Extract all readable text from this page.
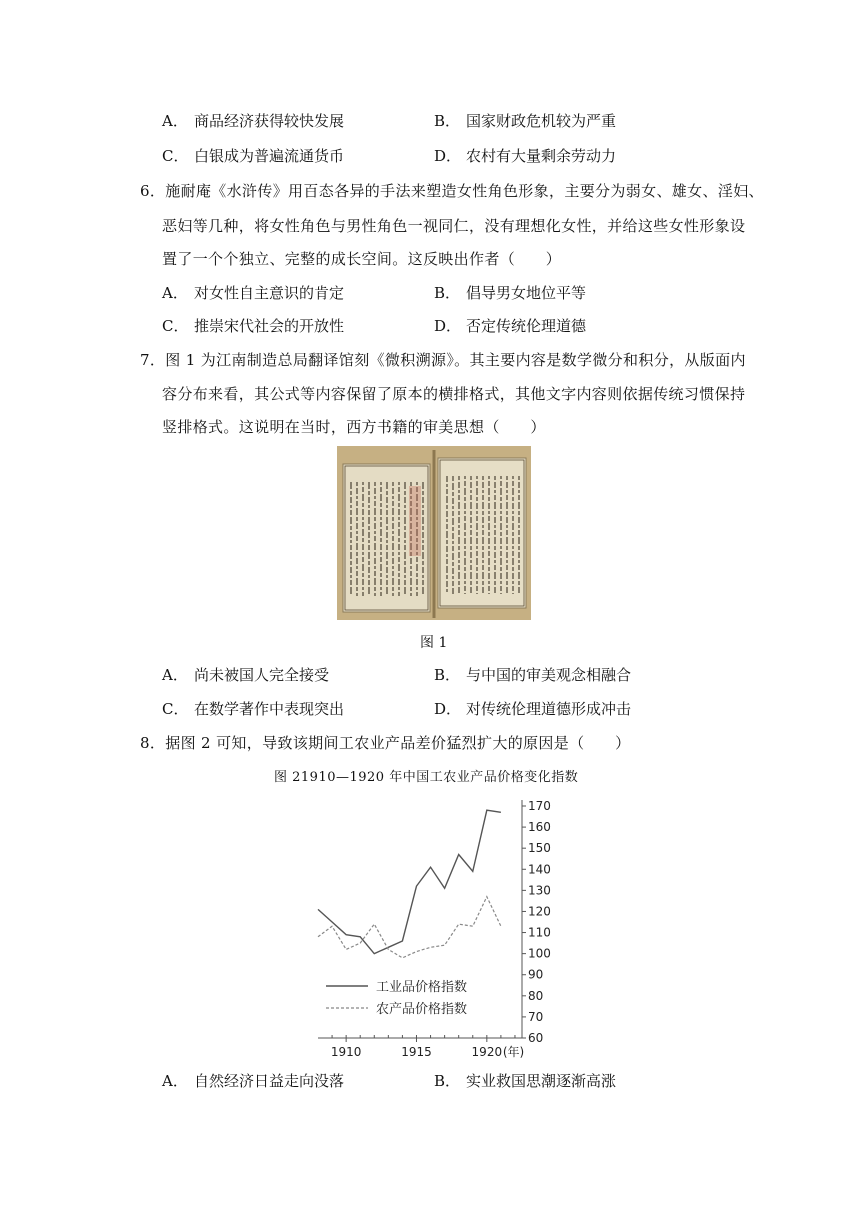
A． 商品经济获得较快发展	B． 国家财政危机较为严重
C． 白银成为普遍流通货币	D． 农村有大量剩余劳动力
6．施耐庵《水浒传》用百态各异的手法来塑造女性角色形象，主要分为弱女、雄女、淫妇、
恶妇等几种，将女性角色与男性角色一视同仁，没有理想化女性，并给这些女性形象设
置了一个个独立、完整的成长空间。这反映出作者（　　）
A． 对女性自主意识的肯定	B． 倡导男女地位平等
C． 推崇宋代社会的开放性	D． 否定传统伦理道德
7．图 1 为江南制造总局翻译馆刻《微积溯源》。其主要内容是数学微分和积分，从版面内
容分布来看，其公式等内容保留了原本的横排格式，其他文字内容则依据传统习惯保持
竖排格式。这说明在当时，西方书籍的审美思想（　　）
图 1
A． 尚未被国人完全接受	B． 与中国的审美观念相融合
C． 在数学著作中表现突出	D． 对传统伦理道德形成冲击
8．据图 2 可知，导致该期间工农业产品差价猛烈扩大的原因是（　　）
图 21910—1920 年中国工农业产品价格变化指数
60
70
80
90
100
110
120
130
140
150
160
170
1910	1915	1920 (年)
工业品价格指数
农产品价格指数
A． 自然经济日益走向没落	B． 实业救国思潮逐渐高涨
